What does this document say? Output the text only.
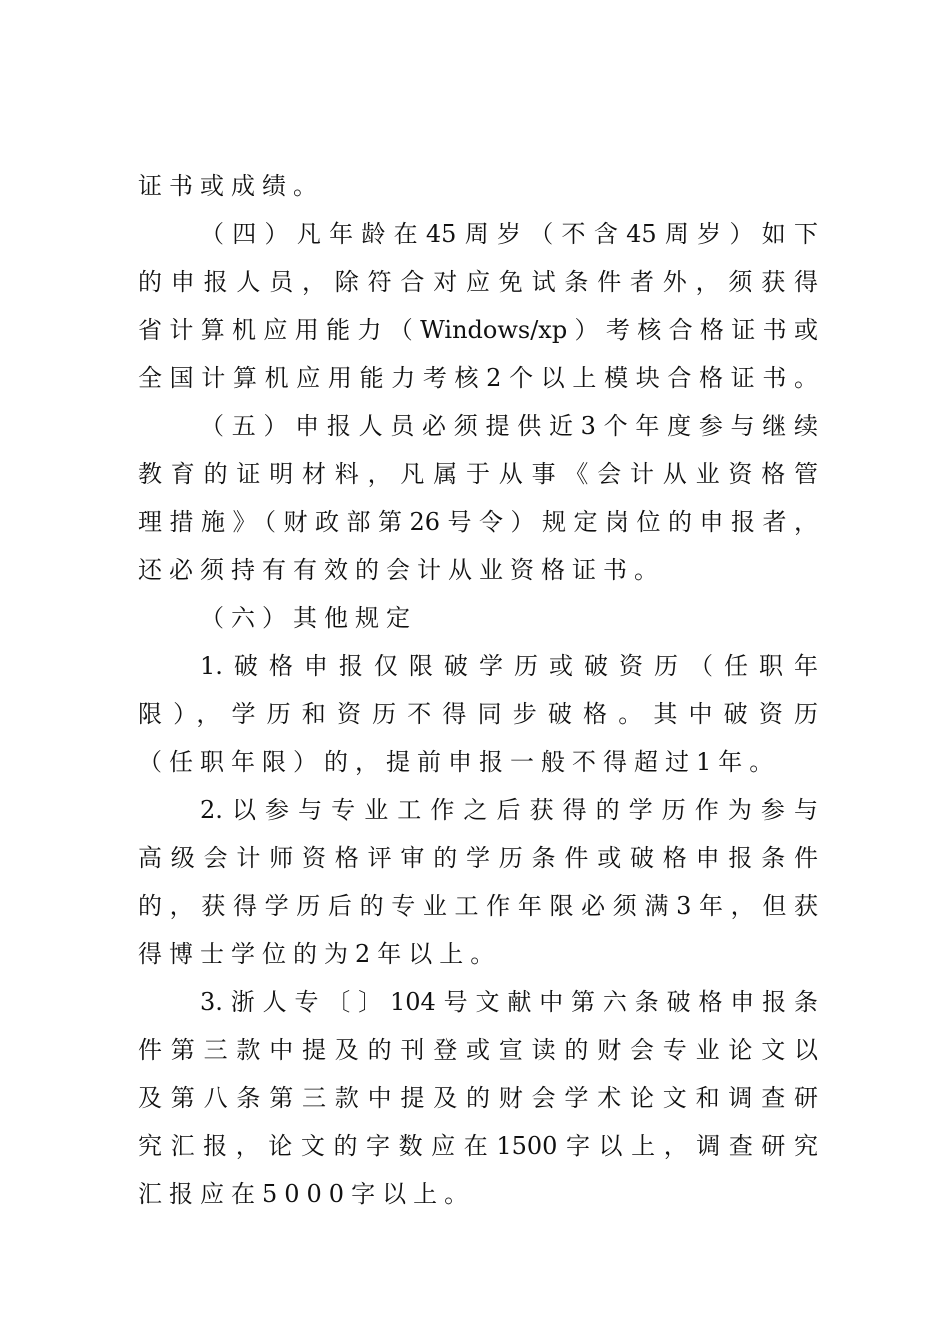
证书或成绩。
（四）凡年龄在45周岁（不含45周岁）如下
的申报人员，除符合对应免试条件者外，须获得
省计算机应用能力（Windows/xp）考核合格证书或
全国计算机应用能力考核2个以上模块合格证书。
（五）申报人员必须提供近3个年度参与继续
教育的证明材料，凡属于从事《会计从业资格管
理措施》（财政部第26号令）规定岗位的申报者，
还必须持有有效的会计从业资格证书。
（六）其他规定
1.破格申报仅限破学历或破资历（任职年
限），学历和资历不得同步破格。其中破资历
（任职年限）的，提前申报一般不得超过1年。
2.以参与专业工作之后获得的学历作为参与
高级会计师资格评审的学历条件或破格申报条件
的，获得学历后的专业工作年限必须满3年，但获
得博士学位的为2年以上。
3.浙人专〔〕104号文献中第六条破格申报条
件第三款中提及的刊登或宣读的财会专业论文以
及第八条第三款中提及的财会学术论文和调查研
究汇报，论文的字数应在1500字以上，调查研究
汇报应在5000字以上。
